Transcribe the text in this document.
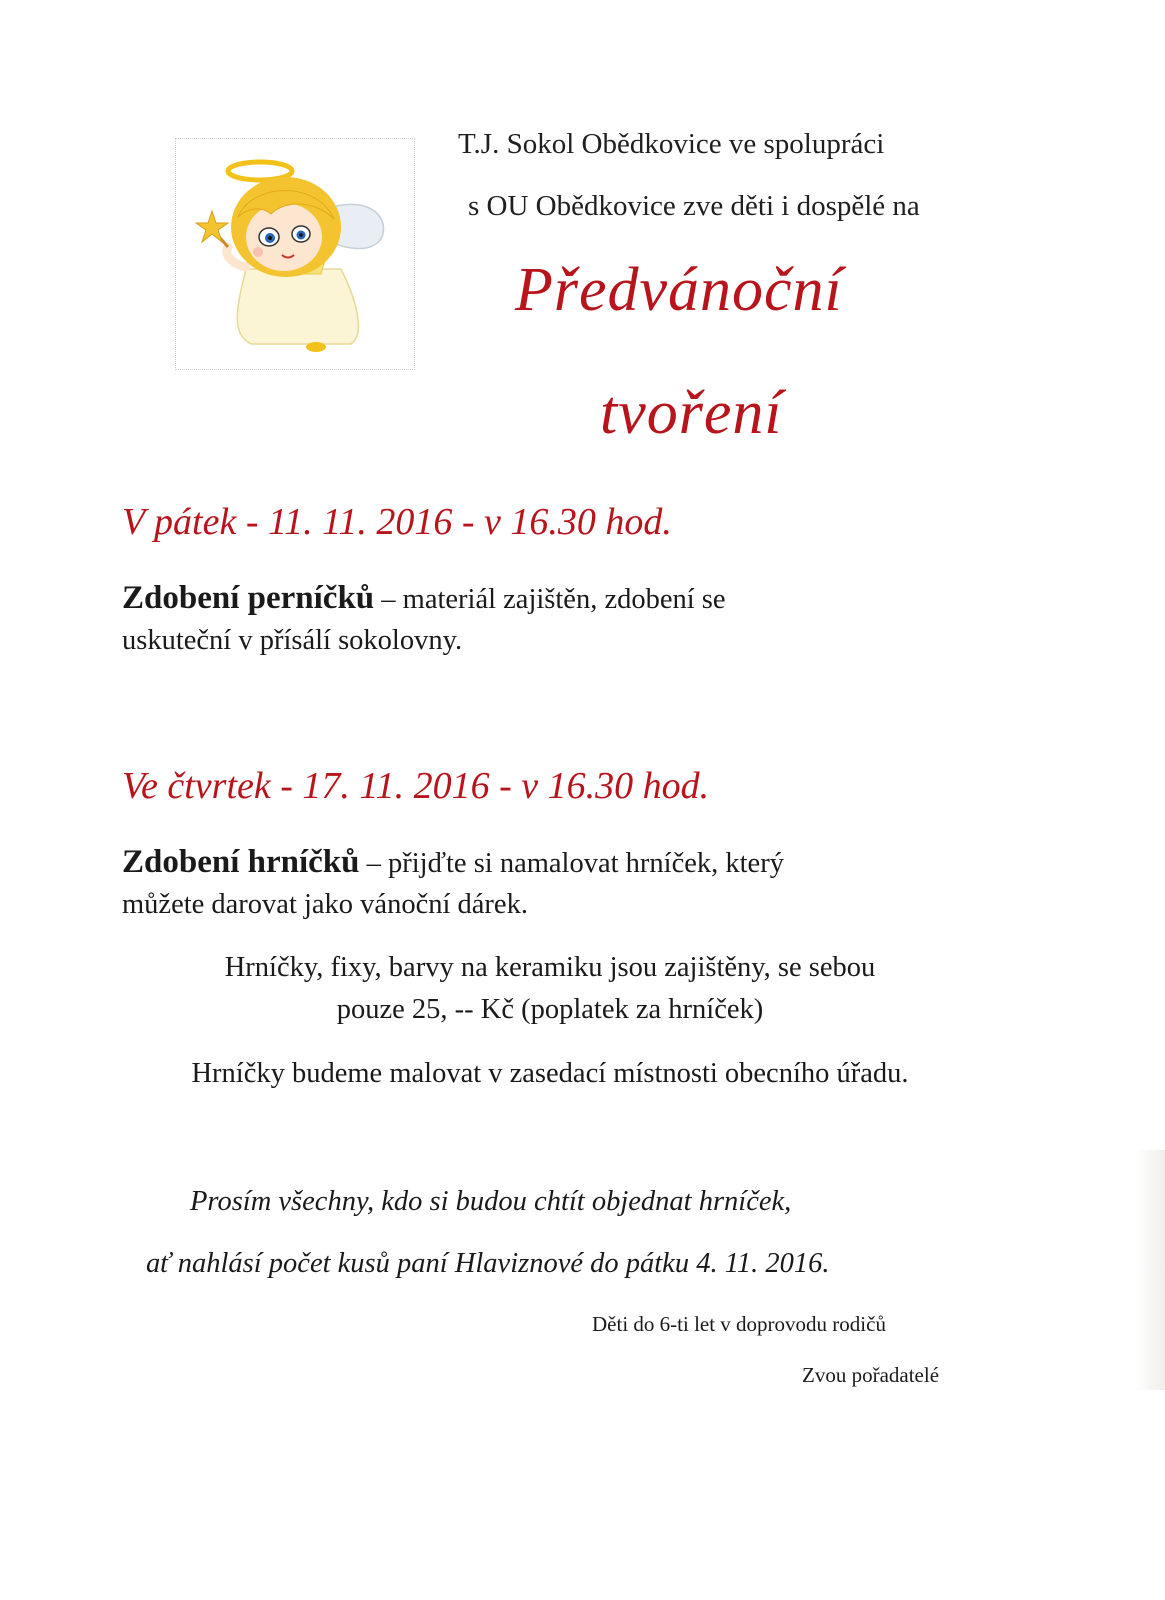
T.J. Sokol Obědkovice ve spolupráci
s OU Obědkovice zve děti i dospělé na
Předvánoční
tvoření
V pátek - 11. 11. 2016 - v 16.30 hod.
Zdobení perníčků – materiál zajištěn, zdobení se
uskuteční v přísálí sokolovny.
Ve čtvrtek - 17. 11. 2016 - v 16.30 hod.
Zdobení hrníčků – přijďte si namalovat hrníček, který
můžete darovat jako vánoční dárek.
Hrníčky, fixy, barvy na keramiku jsou zajištěny, se sebou
pouze 25, -- Kč (poplatek za hrníček)
Hrníčky budeme malovat v zasedací místnosti obecního úřadu.
Prosím všechny, kdo si budou chtít objednat hrníček,
ať nahlásí počet kusů paní Hlaviznové do pátku 4. 11. 2016.
Děti do 6-ti let v doprovodu rodičů
Zvou pořadatelé
